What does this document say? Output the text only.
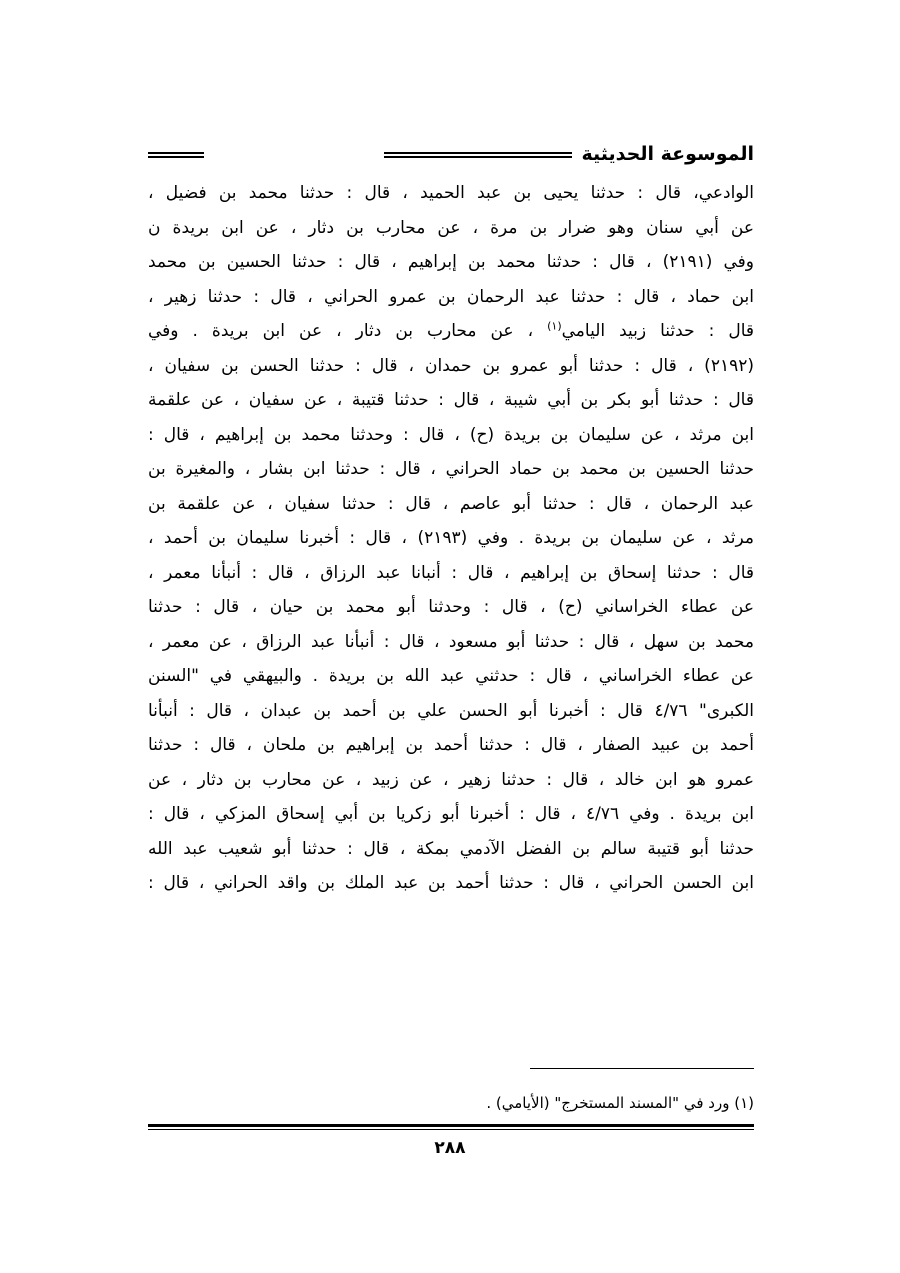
الموسوعة الحديثية
الوادعي، قال : حدثنا يحيى بن عبد الحميد ، قال : حدثنا محمد بن فضيل ،
عن أبي سنان وهو ضرار بن مرة ، عن محارب بن دثار ، عن ابن بريدة ن
وفي (٢١٩١) ، قال : حدثنا محمد بن إبراهيم ، قال : حدثنا الحسين بن محمد
ابن حماد ، قال : حدثنا عبد الرحمان بن عمرو الحراني ، قال : حدثنا زهير ،
قال : حدثنا زبيد اليامي$^{(١)}$ ، عن محارب بن دثار ، عن ابن بريدة . وفي
(٢١٩٢) ، قال : حدثنا أبو عمرو بن حمدان ، قال : حدثنا الحسن بن سفيان ،
قال : حدثنا أبو بكر بن أبي شيبة ، قال : حدثنا قتيبة ، عن سفيان ، عن علقمة
ابن مرثد ، عن سليمان بن بريدة (ح) ، قال : وحدثنا محمد بن إبراهيم ، قال :
حدثنا الحسين بن محمد بن حماد الحراني ، قال : حدثنا ابن بشار ، والمغيرة بن
عبد الرحمان ، قال : حدثنا أبو عاصم ، قال : حدثنا سفيان ، عن علقمة بن
مرثد ، عن سليمان بن بريدة . وفي (٢١٩٣) ، قال : أخبرنا سليمان بن أحمد ،
قال : حدثنا إسحاق بن إبراهيم ، قال : أنبانا عبد الرزاق ، قال : أنبأنا معمر ،
عن عطاء الخراساني (ح) ، قال : وحدثنا أبو محمد بن حيان ، قال : حدثنا
محمد بن سهل ، قال : حدثنا أبو مسعود ، قال : أنبأنا عبد الرزاق ، عن معمر ،
عن عطاء الخراساني ، قال : حدثني عبد الله بن بريدة . والبيهقي في "السنن
الكبرى" ٤/٧٦ قال : أخبرنا أبو الحسن علي بن أحمد بن عبدان ، قال : أنبأنا
أحمد بن عبيد الصفار ، قال : حدثنا أحمد بن إبراهيم بن ملحان ، قال : حدثنا
عمرو هو ابن خالد ، قال : حدثنا زهير ، عن زبيد ، عن محارب بن دثار ، عن
ابن بريدة . وفي ٤/٧٦ ، قال : أخبرنا أبو زكريا بن أبي إسحاق المزكي ، قال :
حدثنا أبو قتيبة سالم بن الفضل الآدمي بمكة ، قال : حدثنا أبو شعيب عبد الله
ابن الحسن الحراني ، قال : حدثنا أحمد بن عبد الملك بن واقد الحراني ، قال :
(١) ورد في "المسند المستخرج" (الأيامي) .
٢٨٨
